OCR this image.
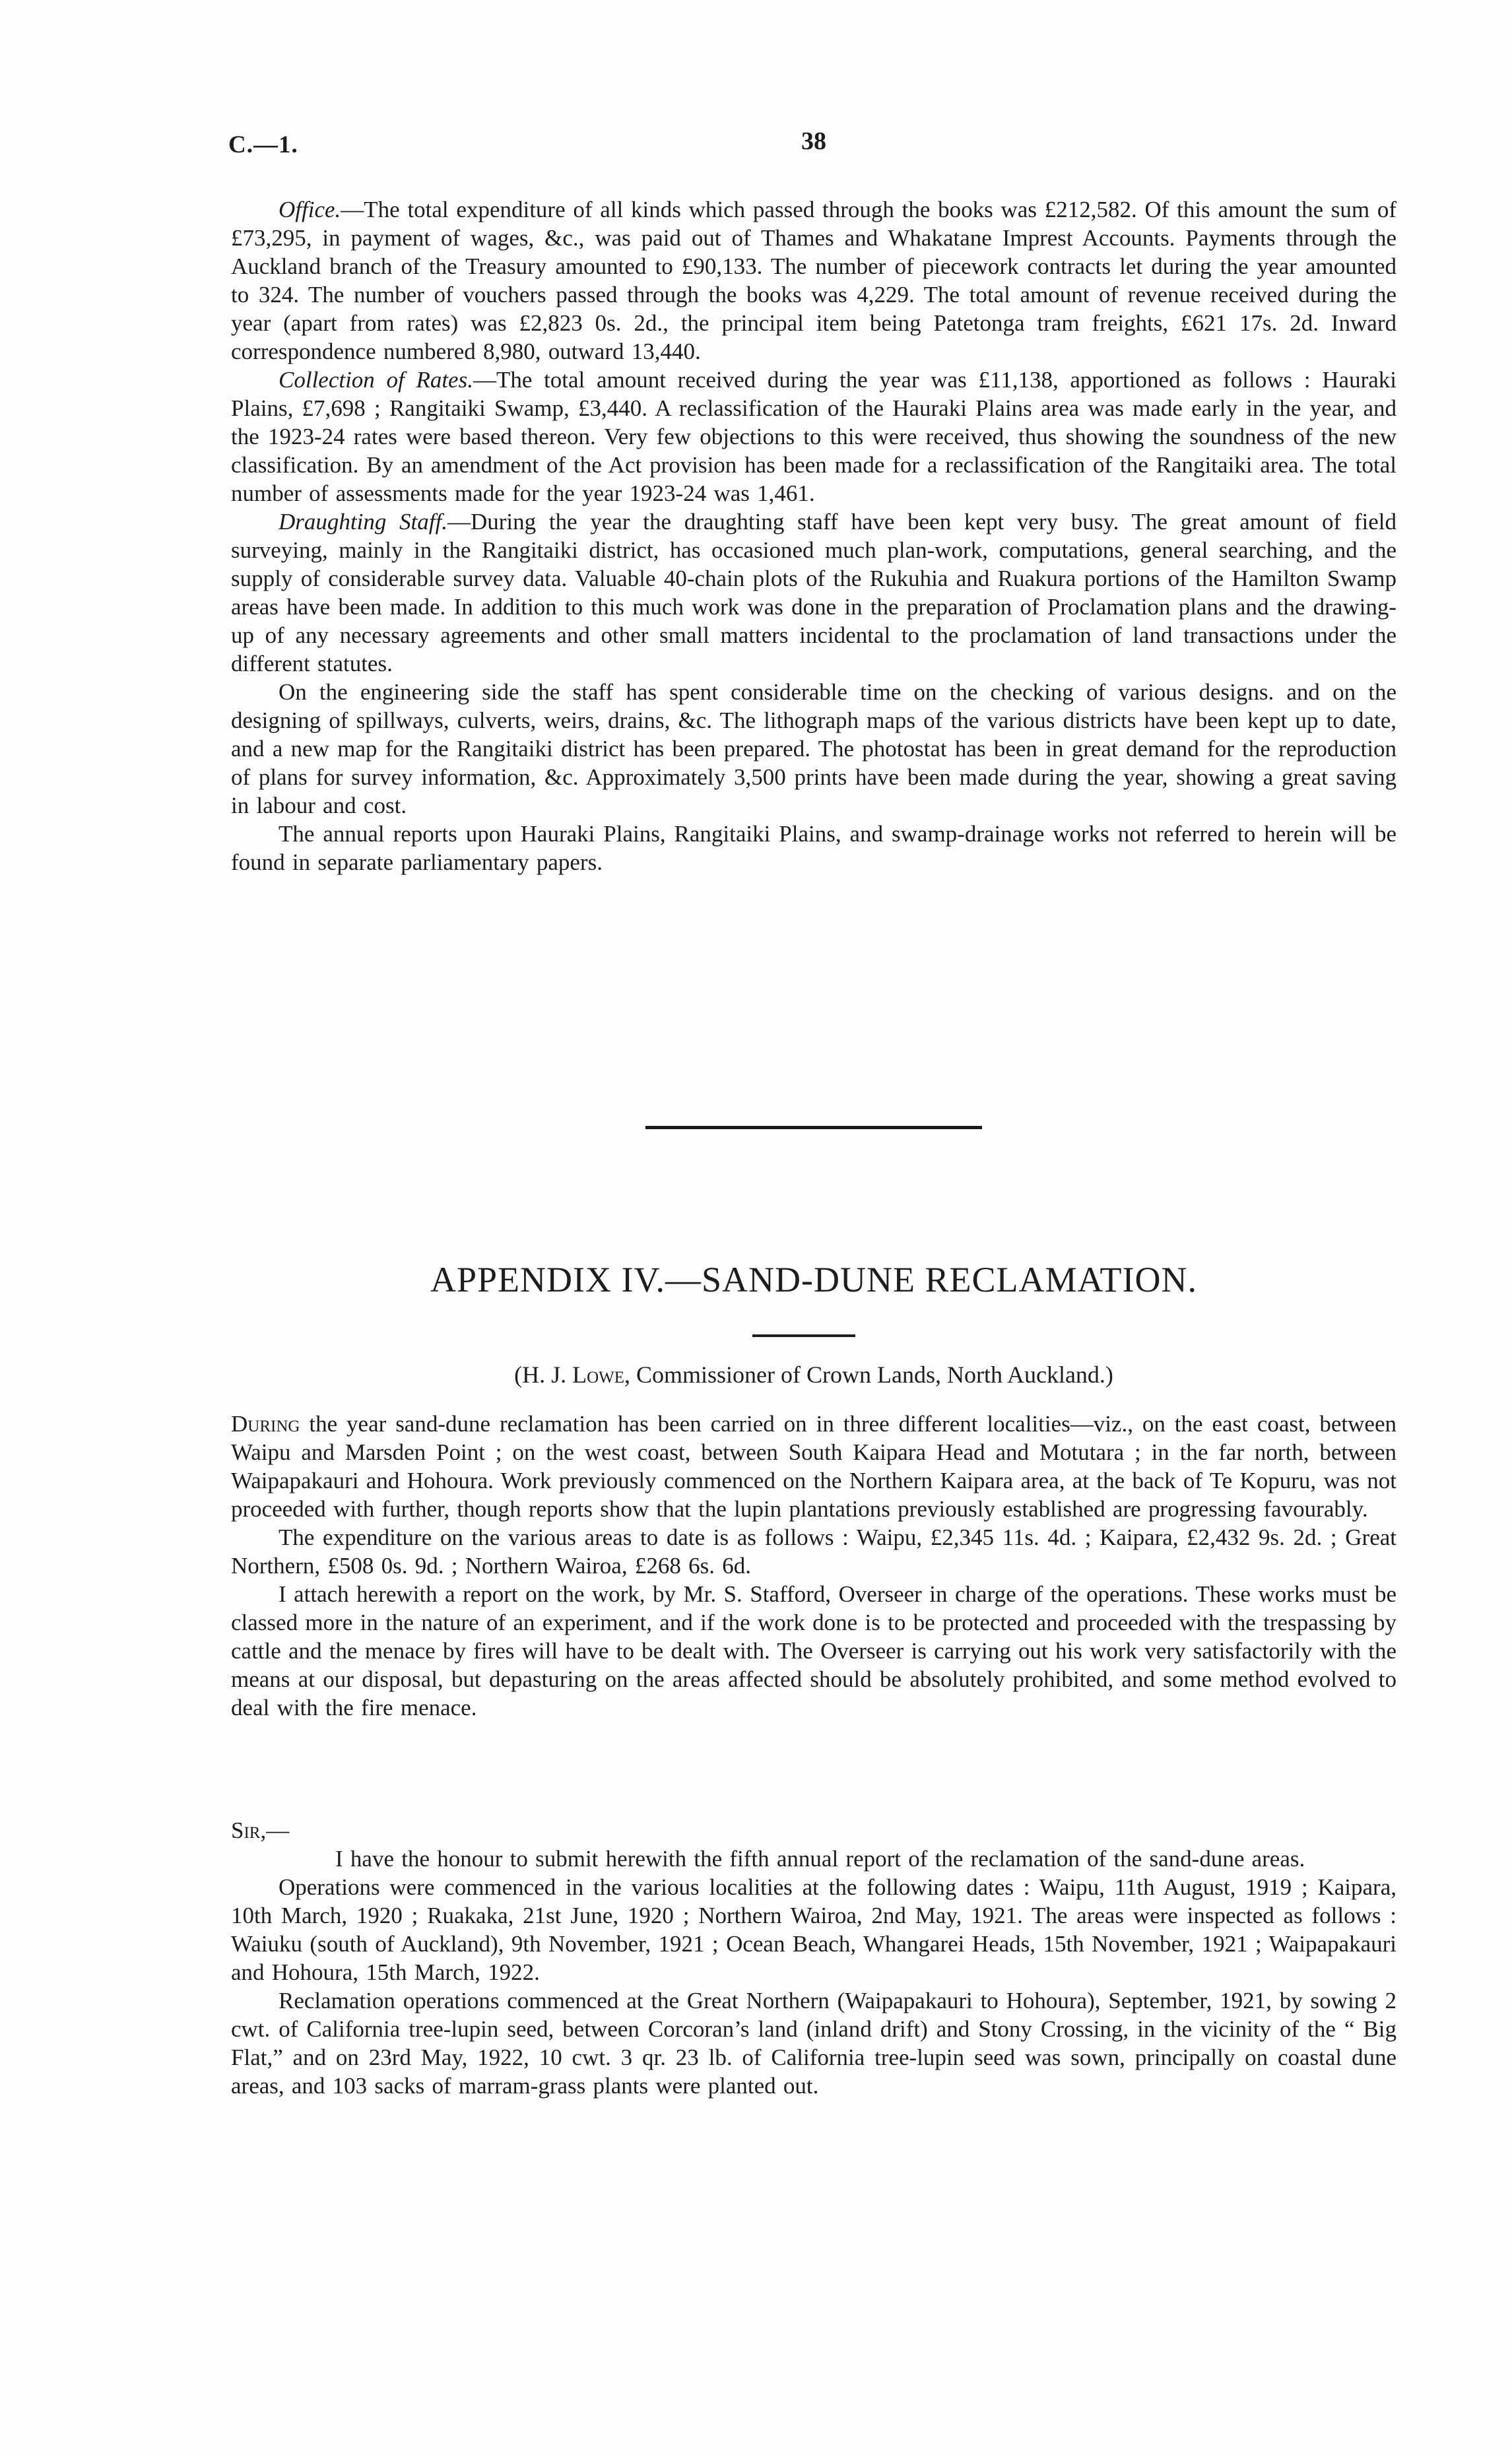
C.—1.	38

Office.—The total expenditure of all kinds which passed through the books was £212,582. Of this amount the sum of £73,295, in payment of wages, &c., was paid out of Thames and Whakatane Imprest Accounts. Payments through the Auckland branch of the Treasury amounted to £90,133. The number of piecework contracts let during the year amounted to 324. The number of vouchers passed through the books was 4,229. The total amount of revenue received during the year (apart from rates) was £2,823 0s. 2d., the principal item being Patetonga tram freights, £621 17s. 2d. Inward correspondence numbered 8,980, outward 13,440.

Collection of Rates.—The total amount received during the year was £11,138, apportioned as follows : Hauraki Plains, £7,698 ; Rangitaiki Swamp, £3,440. A reclassification of the Hauraki Plains area was made early in the year, and the 1923-24 rates were based thereon. Very few objections to this were received, thus showing the soundness of the new classification. By an amendment of the Act provision has been made for a reclassification of the Rangitaiki area. The total number of assessments made for the year 1923-24 was 1,461.

Draughting Staff.—During the year the draughting staff have been kept very busy. The great amount of field surveying, mainly in the Rangitaiki district, has occasioned much plan-work, computations, general searching, and the supply of considerable survey data. Valuable 40-chain plots of the Rukuhia and Ruakura portions of the Hamilton Swamp areas have been made. In addition to this much work was done in the preparation of Proclamation plans and the drawing-up of any necessary agreements and other small matters incidental to the proclamation of land transactions under the different statutes.

On the engineering side the staff has spent considerable time on the checking of various designs. and on the designing of spillways, culverts, weirs, drains, &c. The lithograph maps of the various districts have been kept up to date, and a new map for the Rangitaiki district has been prepared. The photostat has been in great demand for the reproduction of plans for survey information, &c. Approximately 3,500 prints have been made during the year, showing a great saving in labour and cost.

The annual reports upon Hauraki Plains, Rangitaiki Plains, and swamp-drainage works not referred to herein will be found in separate parliamentary papers.

APPENDIX IV.—SAND-DUNE RECLAMATION.

(H. J. Lowe, Commissioner of Crown Lands, North Auckland.)

During the year sand-dune reclamation has been carried on in three different localities—viz., on the east coast, between Waipu and Marsden Point ; on the west coast, between South Kaipara Head and Motutara ; in the far north, between Waipapakauri and Hohoura. Work previously commenced on the Northern Kaipara area, at the back of Te Kopuru, was not proceeded with further, though reports show that the lupin plantations previously established are progressing favourably.

The expenditure on the various areas to date is as follows : Waipu, £2,345 11s. 4d. ; Kaipara, £2,432 9s. 2d. ; Great Northern, £508 0s. 9d. ; Northern Wairoa, £268 6s. 6d.

I attach herewith a report on the work, by Mr. S. Stafford, Overseer in charge of the operations. These works must be classed more in the nature of an experiment, and if the work done is to be protected and proceeded with the trespassing by cattle and the menace by fires will have to be dealt with. The Overseer is carrying out his work very satisfactorily with the means at our disposal, but depasturing on the areas affected should be absolutely prohibited, and some method evolved to deal with the fire menace.

Sir,—

I have the honour to submit herewith the fifth annual report of the reclamation of the sand-dune areas.

Operations were commenced in the various localities at the following dates : Waipu, 11th August, 1919 ; Kaipara, 10th March, 1920 ; Ruakaka, 21st June, 1920 ; Northern Wairoa, 2nd May, 1921. The areas were inspected as follows : Waiuku (south of Auckland), 9th November, 1921 ; Ocean Beach, Whangarei Heads, 15th November, 1921 ; Waipapakauri and Hohoura, 15th March, 1922.

Reclamation operations commenced at the Great Northern (Waipapakauri to Hohoura), September, 1921, by sowing 2 cwt. of California tree-lupin seed, between Corcoran’s land (inland drift) and Stony Crossing, in the vicinity of the “ Big Flat,” and on 23rd May, 1922, 10 cwt. 3 qr. 23 lb. of California tree-lupin seed was sown, principally on coastal dune areas, and 103 sacks of marram-grass plants were planted out.
